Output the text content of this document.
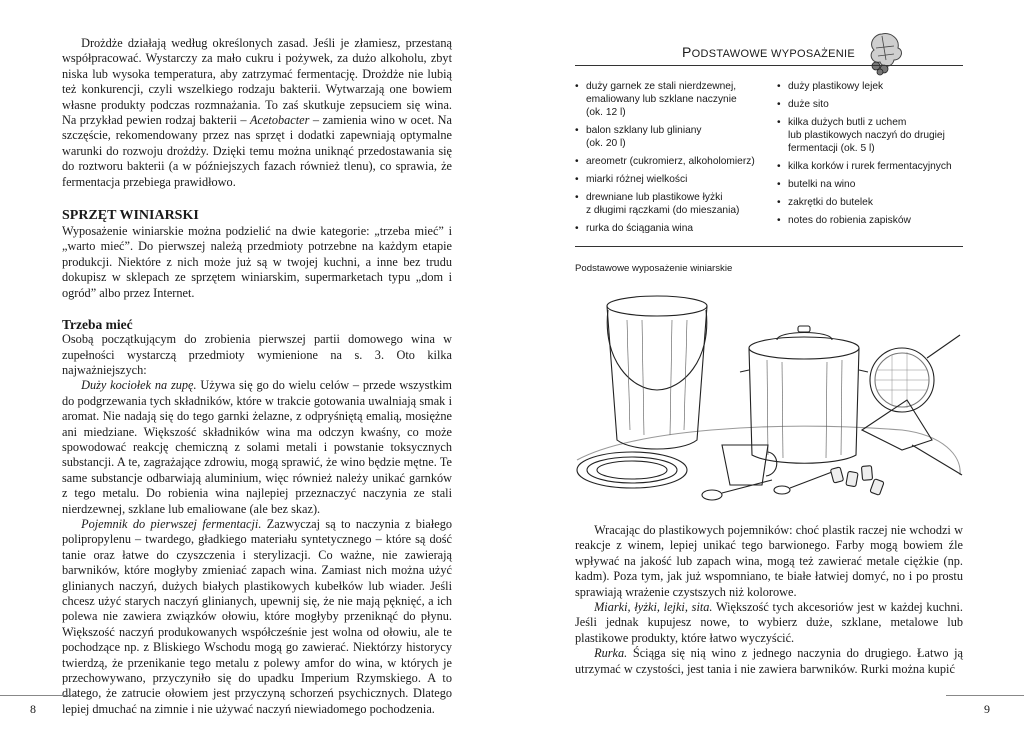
Drożdże działają według określonych zasad. Jeśli je złamiesz, przestaną współpracować. Wystarczy za mało cukru i pożywek, za dużo alkoholu, zbyt niska lub wysoka temperatura, aby zatrzymać fermentację. Drożdże nie lubią też konkurencji, czyli wszelkiego rodzaju bakterii. Wytwarzają one bowiem własne produkty podczas rozmnażania. To zaś skutkuje zepsuciem się wina. Na przykład pewien rodzaj bakterii – Acetobacter – zamienia wino w ocet. Na szczęście, rekomendowany przez nas sprzęt i dodatki zapewniają optymalne warunki do rozwoju drożdży. Dzięki temu można uniknąć przedostawania się do roztworu bakterii (a w późniejszych fazach również tlenu), co sprawia, że fermentacja przebiega prawidłowo.

SPRZĘT WINIARSKI

Wyposażenie winiarskie można podzielić na dwie kategorie: „trzeba mieć” i „warto mieć”. Do pierwszej należą przedmioty potrzebne na każdym etapie produkcji. Niektóre z nich może już są w twojej kuchni, a inne bez trudu dokupisz w sklepach ze sprzętem winiarskim, supermarketach typu „dom i ogród” albo przez Internet.

Trzeba mieć

Osobą początkującym do zrobienia pierwszej partii domowego wina w zupełności wystarczą przedmioty wymienione na s. 3. Oto kilka najważniejszych:

Duży kociołek na zupę. Używa się go do wielu celów – przede wszystkim do podgrzewania tych składników, które w trakcie gotowania uwalniają smak i aromat. Nie nadają się do tego garnki żelazne, z odpryśniętą emalią, mosiężne ani miedziane. Większość składników wina ma odczyn kwaśny, co może spowodować reakcję chemiczną z solami metali i powstanie toksycznych substancji. A te, zagrażające zdrowiu, mogą sprawić, że wino będzie mętne. Te same substancje odbarwiają aluminium, więc również należy unikać garnków z tego metalu. Do robienia wina najlepiej przeznaczyć naczynia ze stali nierdzewnej, szklane lub emaliowane (ale bez skaz).

Pojemnik do pierwszej fermentacji. Zazwyczaj są to naczynia z białego polipropylenu – twardego, gładkiego materiału syntetycznego – które są dość tanie oraz łatwe do czyszczenia i sterylizacji. Co ważne, nie zawierają barwników, które mogłyby zmieniać zapach wina. Zamiast nich można użyć glinianych naczyń, dużych białych plastikowych kubełków lub wiader. Jeśli chcesz użyć starych naczyń glinianych, upewnij się, że nie mają pęknięć, a ich polewa nie zawiera związków ołowiu, które mogłyby przeniknąć do płynu. Większość naczyń produkowanych współcześnie jest wolna od ołowiu, ale te pochodzące np. z Bliskiego Wschodu mogą go zawierać. Niektórzy historycy twierdzą, że przenikanie tego metalu z polewy amfor do wina, w których je przechowywano, przyczyniło się do upadku Imperium Rzymskiego. A to dlatego, że zatrucie ołowiem jest przyczyną schorzeń psychicznych. Dlatego lepiej dmuchać na zimnie i nie używać naczyń niewiadomego pochodzenia.

8
PODSTAWOWE WYPOSAŻENIE
• duży garnek ze stali nierdzewnej,
emaliowany lub szklane naczynie
(ok. 12 l)
• balon szklany lub gliniany
(ok. 20 l)
• areometr (cukromierz, alkoholomierz)
• miarki różnej wielkości
• drewniane lub plastikowe łyżki
z długimi rączkami (do mieszania)
• rurka do ściągania wina
• duży plastikowy lejek
• duże sito
• kilka dużych butli z uchem
lub plastikowych naczyń do drugiej
fermentacji (ok. 5 l)
• kilka korków i rurek fermentacyjnych
• butelki na wino
• zakrętki do butelek
• notes do robienia zapisków
Podstawowe wyposażenie winiarskie

Wracając do plastikowych pojemników: choć plastik raczej nie wchodzi w reakcje z winem, lepiej unikać tego barwionego. Farby mogą bowiem źle wpływać na jakość lub zapach wina, mogą też zawierać metale ciężkie (np. kadm). Poza tym, jak już wspomniano, te białe łatwiej domyć, no i po prostu sprawiają wrażenie czystszych niż kolorowe.

Miarki, łyżki, lejki, sita. Większość tych akcesoriów jest w każdej kuchni. Jeśli jednak kupujesz nowe, to wybierz duże, szklane, metalowe lub plastikowe produkty, które łatwo wyczyścić.

Rurka. Ściąga się nią wino z jednego naczynia do drugiego. Łatwo ją utrzymać w czystości, jest tania i nie zawiera barwników. Rurki można kupić

9
